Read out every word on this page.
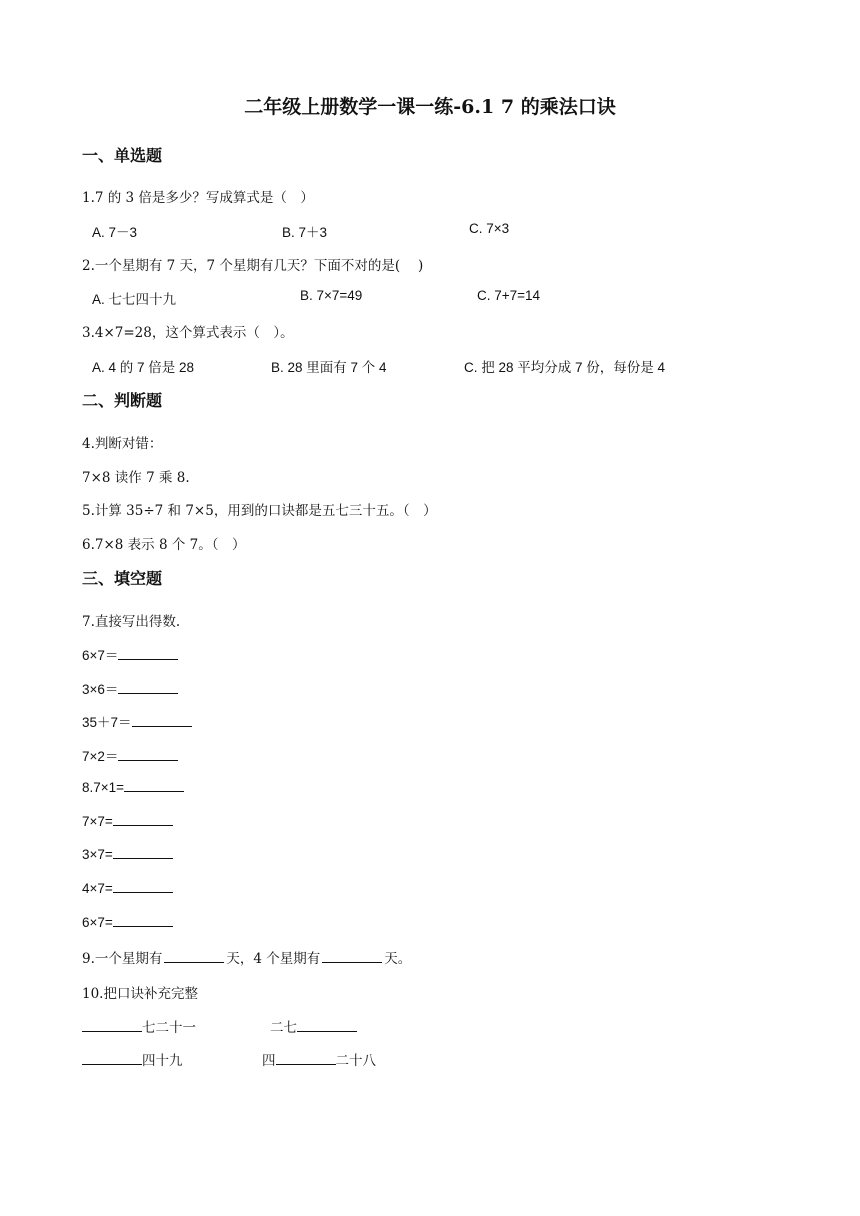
二年级上册数学一课一练-6.1 7 的乘法口诀
一、单选题
1.7 的 3 倍是多少？写成算式是（　）
A. 7－3	B. 7＋3	C. 7×3
2.一个星期有 7 天，7 个星期有几天？下面不对的是(　 )
A. 七七四十九	B. 7×7=49	C. 7+7=14
3.4×7=28，这个算式表示（　）。
A. 4 的 7 倍是 28	B. 28 里面有 7 个 4	C. 把 28 平均分成 7 份，每份是 4
二、判断题
4.判断对错：
7×8 读作 7 乘 8.
5.计算 35÷7 和 7×5，用到的口诀都是五七三十五。（　）
6.7×8 表示 8 个 7。（　）
三、填空题
7.直接写出得数.
6×7＝
3×6＝
35＋7＝
7×2＝
8.7×1=
7×7=
3×7=
4×7=
6×7=
9.一个星期有	天，4 个星期有	天。
10.把口诀补充完整
七二十一	二七
四十九	四	二十八
